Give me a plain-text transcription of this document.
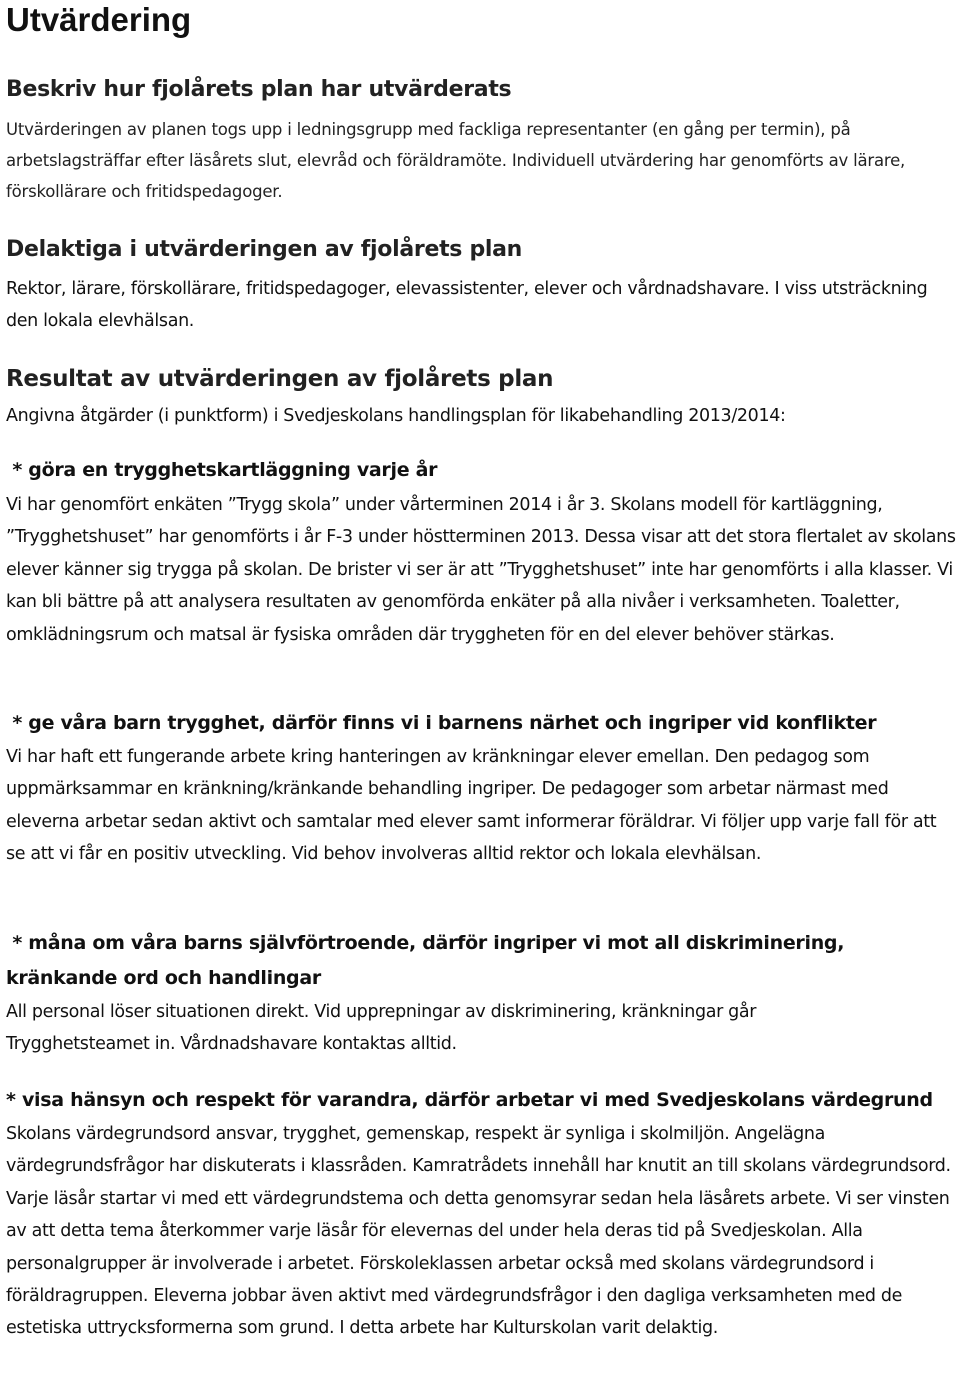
Utvärdering
Beskriv hur fjolårets plan har utvärderats

Utvärderingen av planen togs upp i ledningsgrupp med fackliga representanter (en gång per termin), på arbetslagsträffar efter läsårets slut, elevråd och föräldramöte. Individuell utvärdering har genomförts av lärare, förskollärare och fritidspedagoger.

Delaktiga i utvärderingen av fjolårets plan

Rektor, lärare, förskollärare, fritidspedagoger, elevassistenter, elever och vårdnadshavare. I viss utsträckning den lokala elevhälsan.

Resultat av utvärderingen av fjolårets plan

Angivna åtgärder (i punktform) i Svedjeskolans handlingsplan för likabehandling 2013/2014:

* göra en trygghetskartläggning varje år

Vi har genomfört enkäten ”Trygg skola” under vårterminen 2014 i år 3. Skolans modell för kartläggning, ”Trygghetshuset” har genomförts i år F-3 under höstterminen 2013. Dessa visar att det stora flertalet av skolans elever känner sig trygga på skolan. De brister vi ser är att ”Trygghetshuset” inte har genomförts i alla klasser. Vi kan bli bättre på att analysera resultaten av genomförda enkäter på alla nivåer i verksamheten. Toaletter, omklädningsrum och matsal är fysiska områden där tryggheten för en del elever behöver stärkas.

* ge våra barn trygghet, därför finns vi i barnens närhet och ingriper vid konflikter

Vi har haft ett fungerande arbete kring hanteringen av kränkningar elever emellan. Den pedagog som uppmärksammar en kränkning/kränkande behandling ingriper. De pedagoger som arbetar närmast med eleverna arbetar sedan aktivt och samtalar med elever samt informerar föräldrar. Vi följer upp varje fall för att se att vi får en positiv utveckling. Vid behov involveras alltid rektor och lokala elevhälsan.

* måna om våra barns självförtroende, därför ingriper vi mot all diskriminering, kränkande ord och handlingar

All personal löser situationen direkt. Vid upprepningar av diskriminering, kränkningar går Trygghetsteamet in. Vårdnadshavare kontaktas alltid.

* visa hänsyn och respekt för varandra, därför arbetar vi med Svedjeskolans värdegrund

Skolans värdegrundsord ansvar, trygghet, gemenskap, respekt är synliga i skolmiljön. Angelägna värdegrundsfrågor har diskuterats i klassråden. Kamratrådets innehåll har knutit an till skolans värdegrundsord. Varje läsår startar vi med ett värdegrundstema och detta genomsyrar sedan hela läsårets arbete. Vi ser vinsten av att detta tema återkommer varje läsår för elevernas del under hela deras tid på Svedjeskolan. Alla personalgrupper är involverade i arbetet. Förskoleklassen arbetar också med skolans värdegrundsord i föräldragruppen. Eleverna jobbar även aktivt med värdegrundsfrågor i den dagliga verksamheten med de estetiska uttrycksformerna som grund. I detta arbete har Kulturskolan varit delaktig.
